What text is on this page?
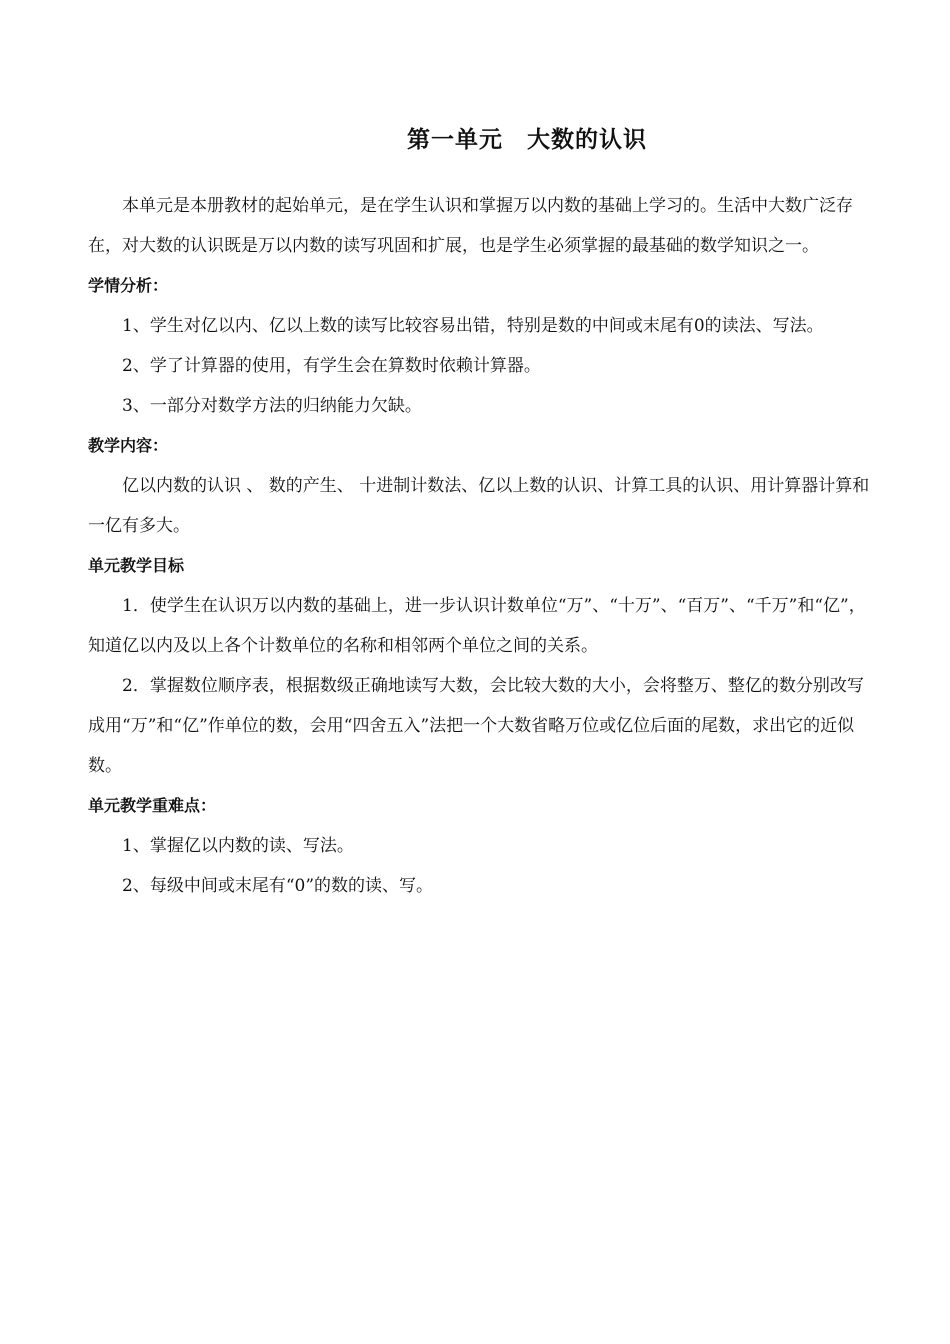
第一单元　大数的认识

本单元是本册教材的起始单元，是在学生认识和掌握万以内数的基础上学习的。生活中大数广泛存在，对大数的认识既是万以内数的读写巩固和扩展，也是学生必须掌握的最基础的数学知识之一。

学情分析：

1、学生对亿以内、亿以上数的读写比较容易出错，特别是数的中间或末尾有0的读法、写法。

2、学了计算器的使用，有学生会在算数时依赖计算器。

3、一部分对数学方法的归纳能力欠缺。

教学内容：

亿以内数的认识 、 数的产生、 十进制计数法、亿以上数的认识、计算工具的认识、用计算器计算和一亿有多大。

单元教学目标

1．使学生在认识万以内数的基础上，进一步认识计数单位“万”、“十万”、“百万”、“千万”和“亿”，知道亿以内及以上各个计数单位的名称和相邻两个单位之间的关系。

2．掌握数位顺序表，根据数级正确地读写大数，会比较大数的大小，会将整万、整亿的数分别改写成用“万”和“亿”作单位的数，会用“四舍五入”法把一个大数省略万位或亿位后面的尾数，求出它的近似数。

单元教学重难点：

1、掌握亿以内数的读、写法。

2、每级中间或末尾有“0”的数的读、写。
